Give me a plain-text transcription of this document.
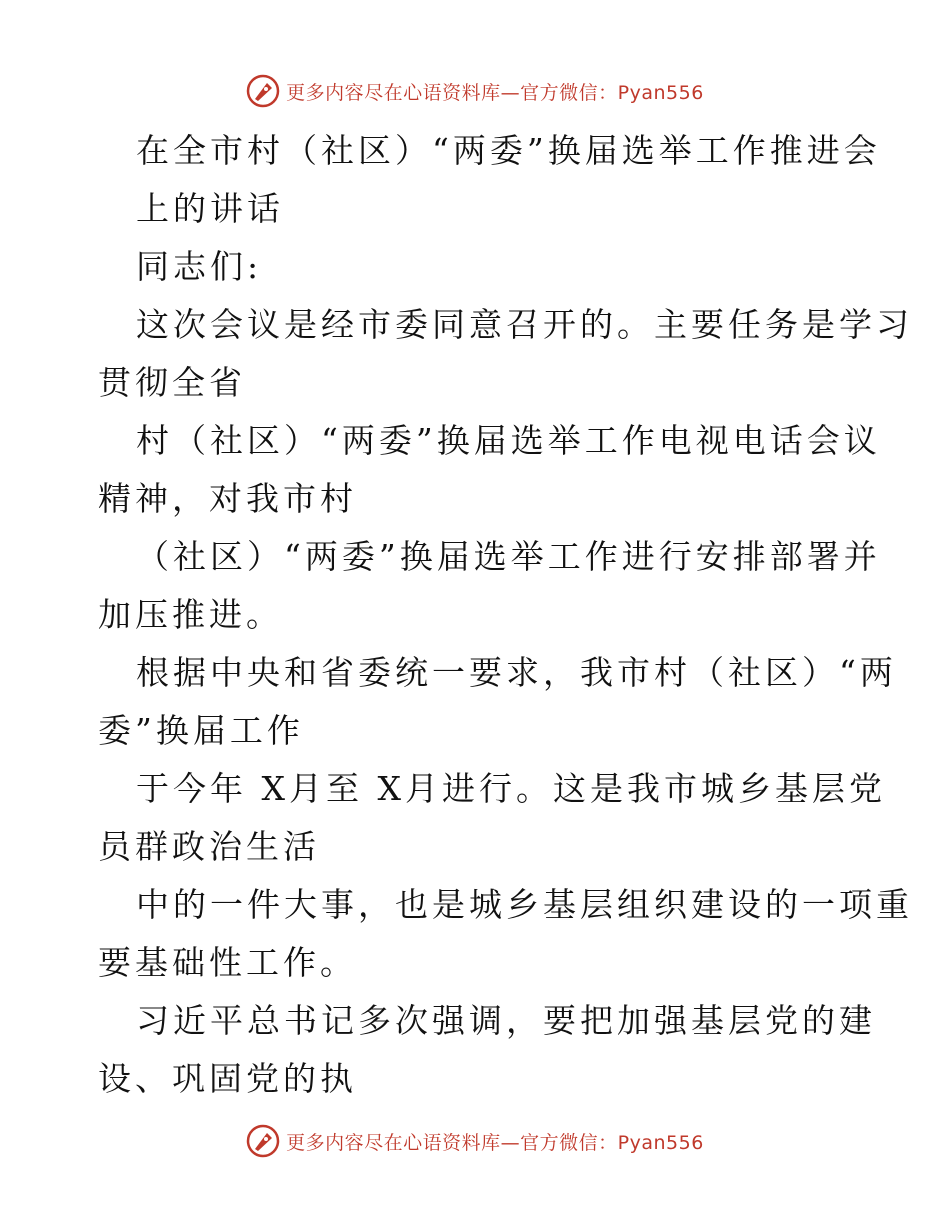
更多内容尽在心语资料库—官方微信：Pyan556
在全市村（社区）“两委”换届选举工作推进会
上的讲话
同志们:
这次会议是经市委同意召开的。主要任务是学习
贯彻全省
村（社区）“两委”换届选举工作电视电话会议
精神，对我市村
（社区）“两委”换届选举工作进行安排部署并
加压推进。
根据中央和省委统一要求，我市村（社区）“两
委”换届工作
于今年 X月至 X月进行。这是我市城乡基层党
员群政治生活
中的一件大事，也是城乡基层组织建设的一项重
要基础性工作。
习近平总书记多次强调，要把加强基层党的建
设、巩固党的执
更多内容尽在心语资料库—官方微信：Pyan556
